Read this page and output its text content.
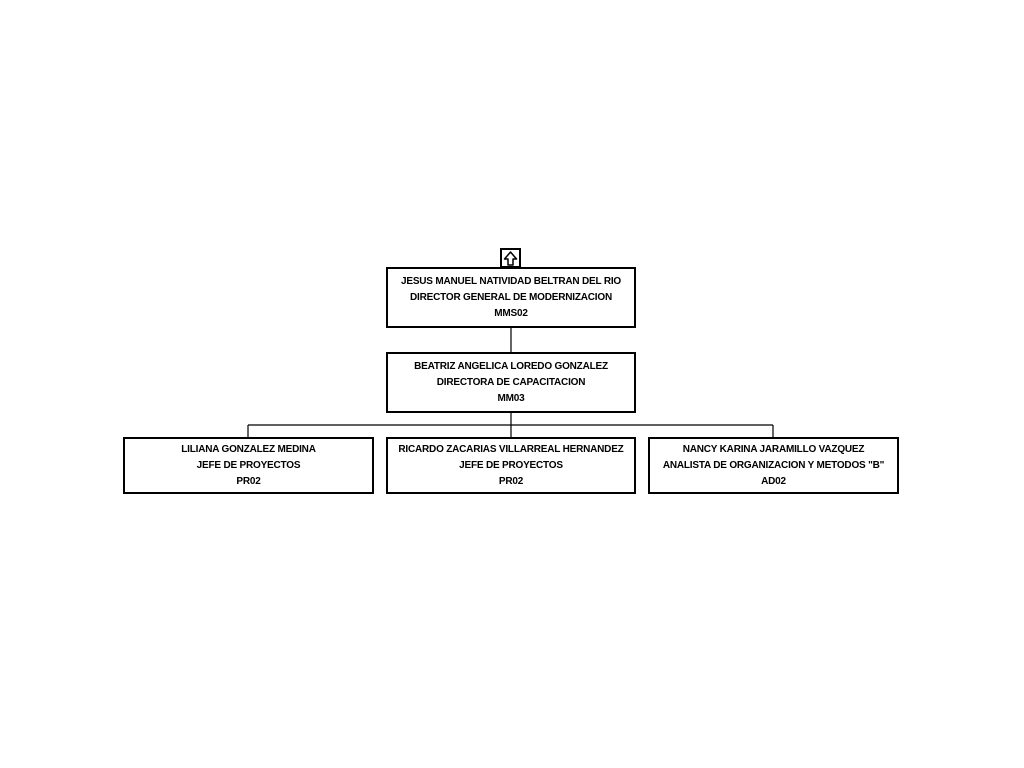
JESUS MANUEL NATIVIDAD BELTRAN DEL RIO
DIRECTOR GENERAL DE MODERNIZACION
MMS02
BEATRIZ ANGELICA LOREDO GONZALEZ
DIRECTORA DE CAPACITACION
MM03
LILIANA GONZALEZ MEDINA
JEFE DE PROYECTOS
PR02
RICARDO ZACARIAS VILLARREAL HERNANDEZ
JEFE DE PROYECTOS
PR02
NANCY KARINA JARAMILLO VAZQUEZ
ANALISTA DE ORGANIZACION Y METODOS "B"
AD02
